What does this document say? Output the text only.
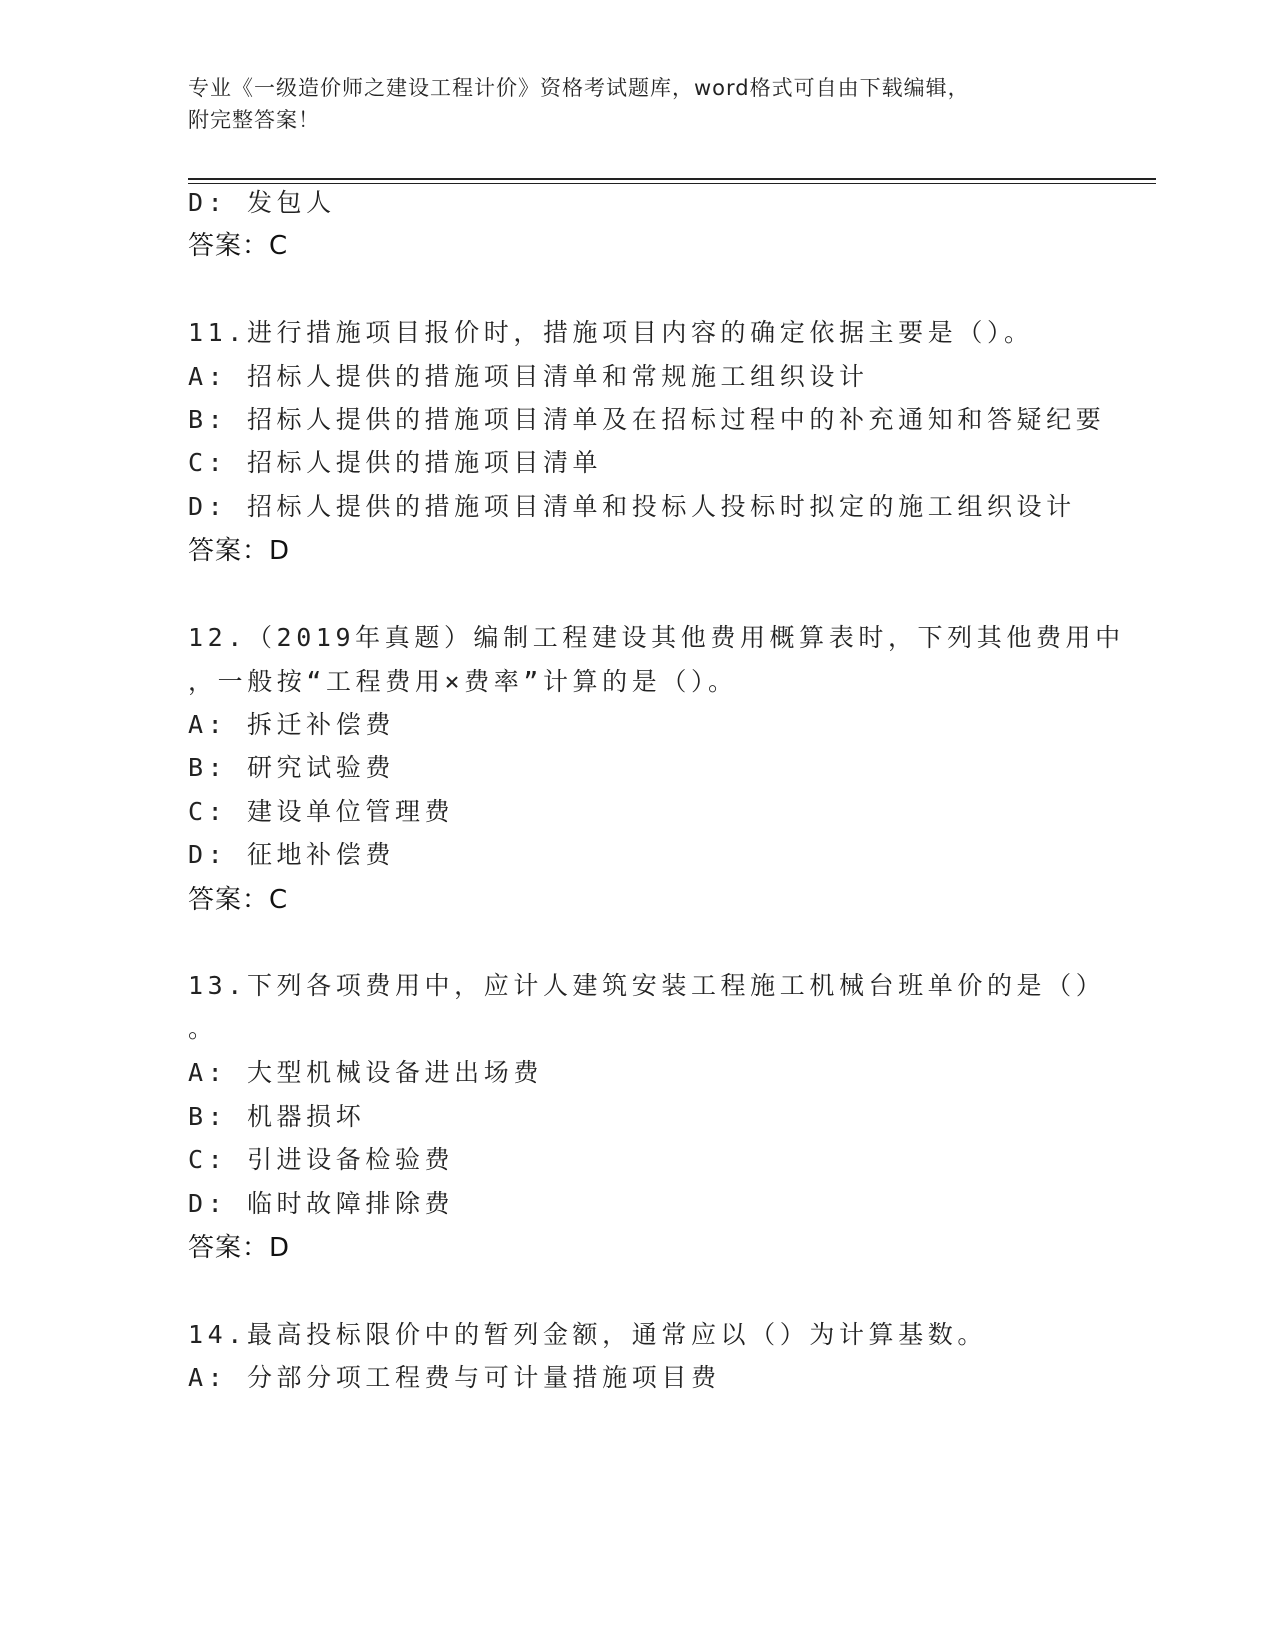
专业《一级造价师之建设工程计价》资格考试题库，word格式可自由下载编辑，
附完整答案！
D: 发包人
答案：C
11.进行措施项目报价时，措施项目内容的确定依据主要是（）。
A: 招标人提供的措施项目清单和常规施工组织设计
B: 招标人提供的措施项目清单及在招标过程中的补充通知和答疑纪要
C: 招标人提供的措施项目清单
D: 招标人提供的措施项目清单和投标人投标时拟定的施工组织设计
答案：D
12.（2019年真题）编制工程建设其他费用概算表时，下列其他费用中
，一般按“工程费用×费率”计算的是（）。
A: 拆迁补偿费
B: 研究试验费
C: 建设单位管理费
D: 征地补偿费
答案：C
13.下列各项费用中，应计人建筑安装工程施工机械台班单价的是（）
。
A: 大型机械设备进出场费
B: 机器损坏
C: 引进设备检验费
D: 临时故障排除费
答案：D
14.最高投标限价中的暂列金额，通常应以（）为计算基数。
A: 分部分项工程费与可计量措施项目费
